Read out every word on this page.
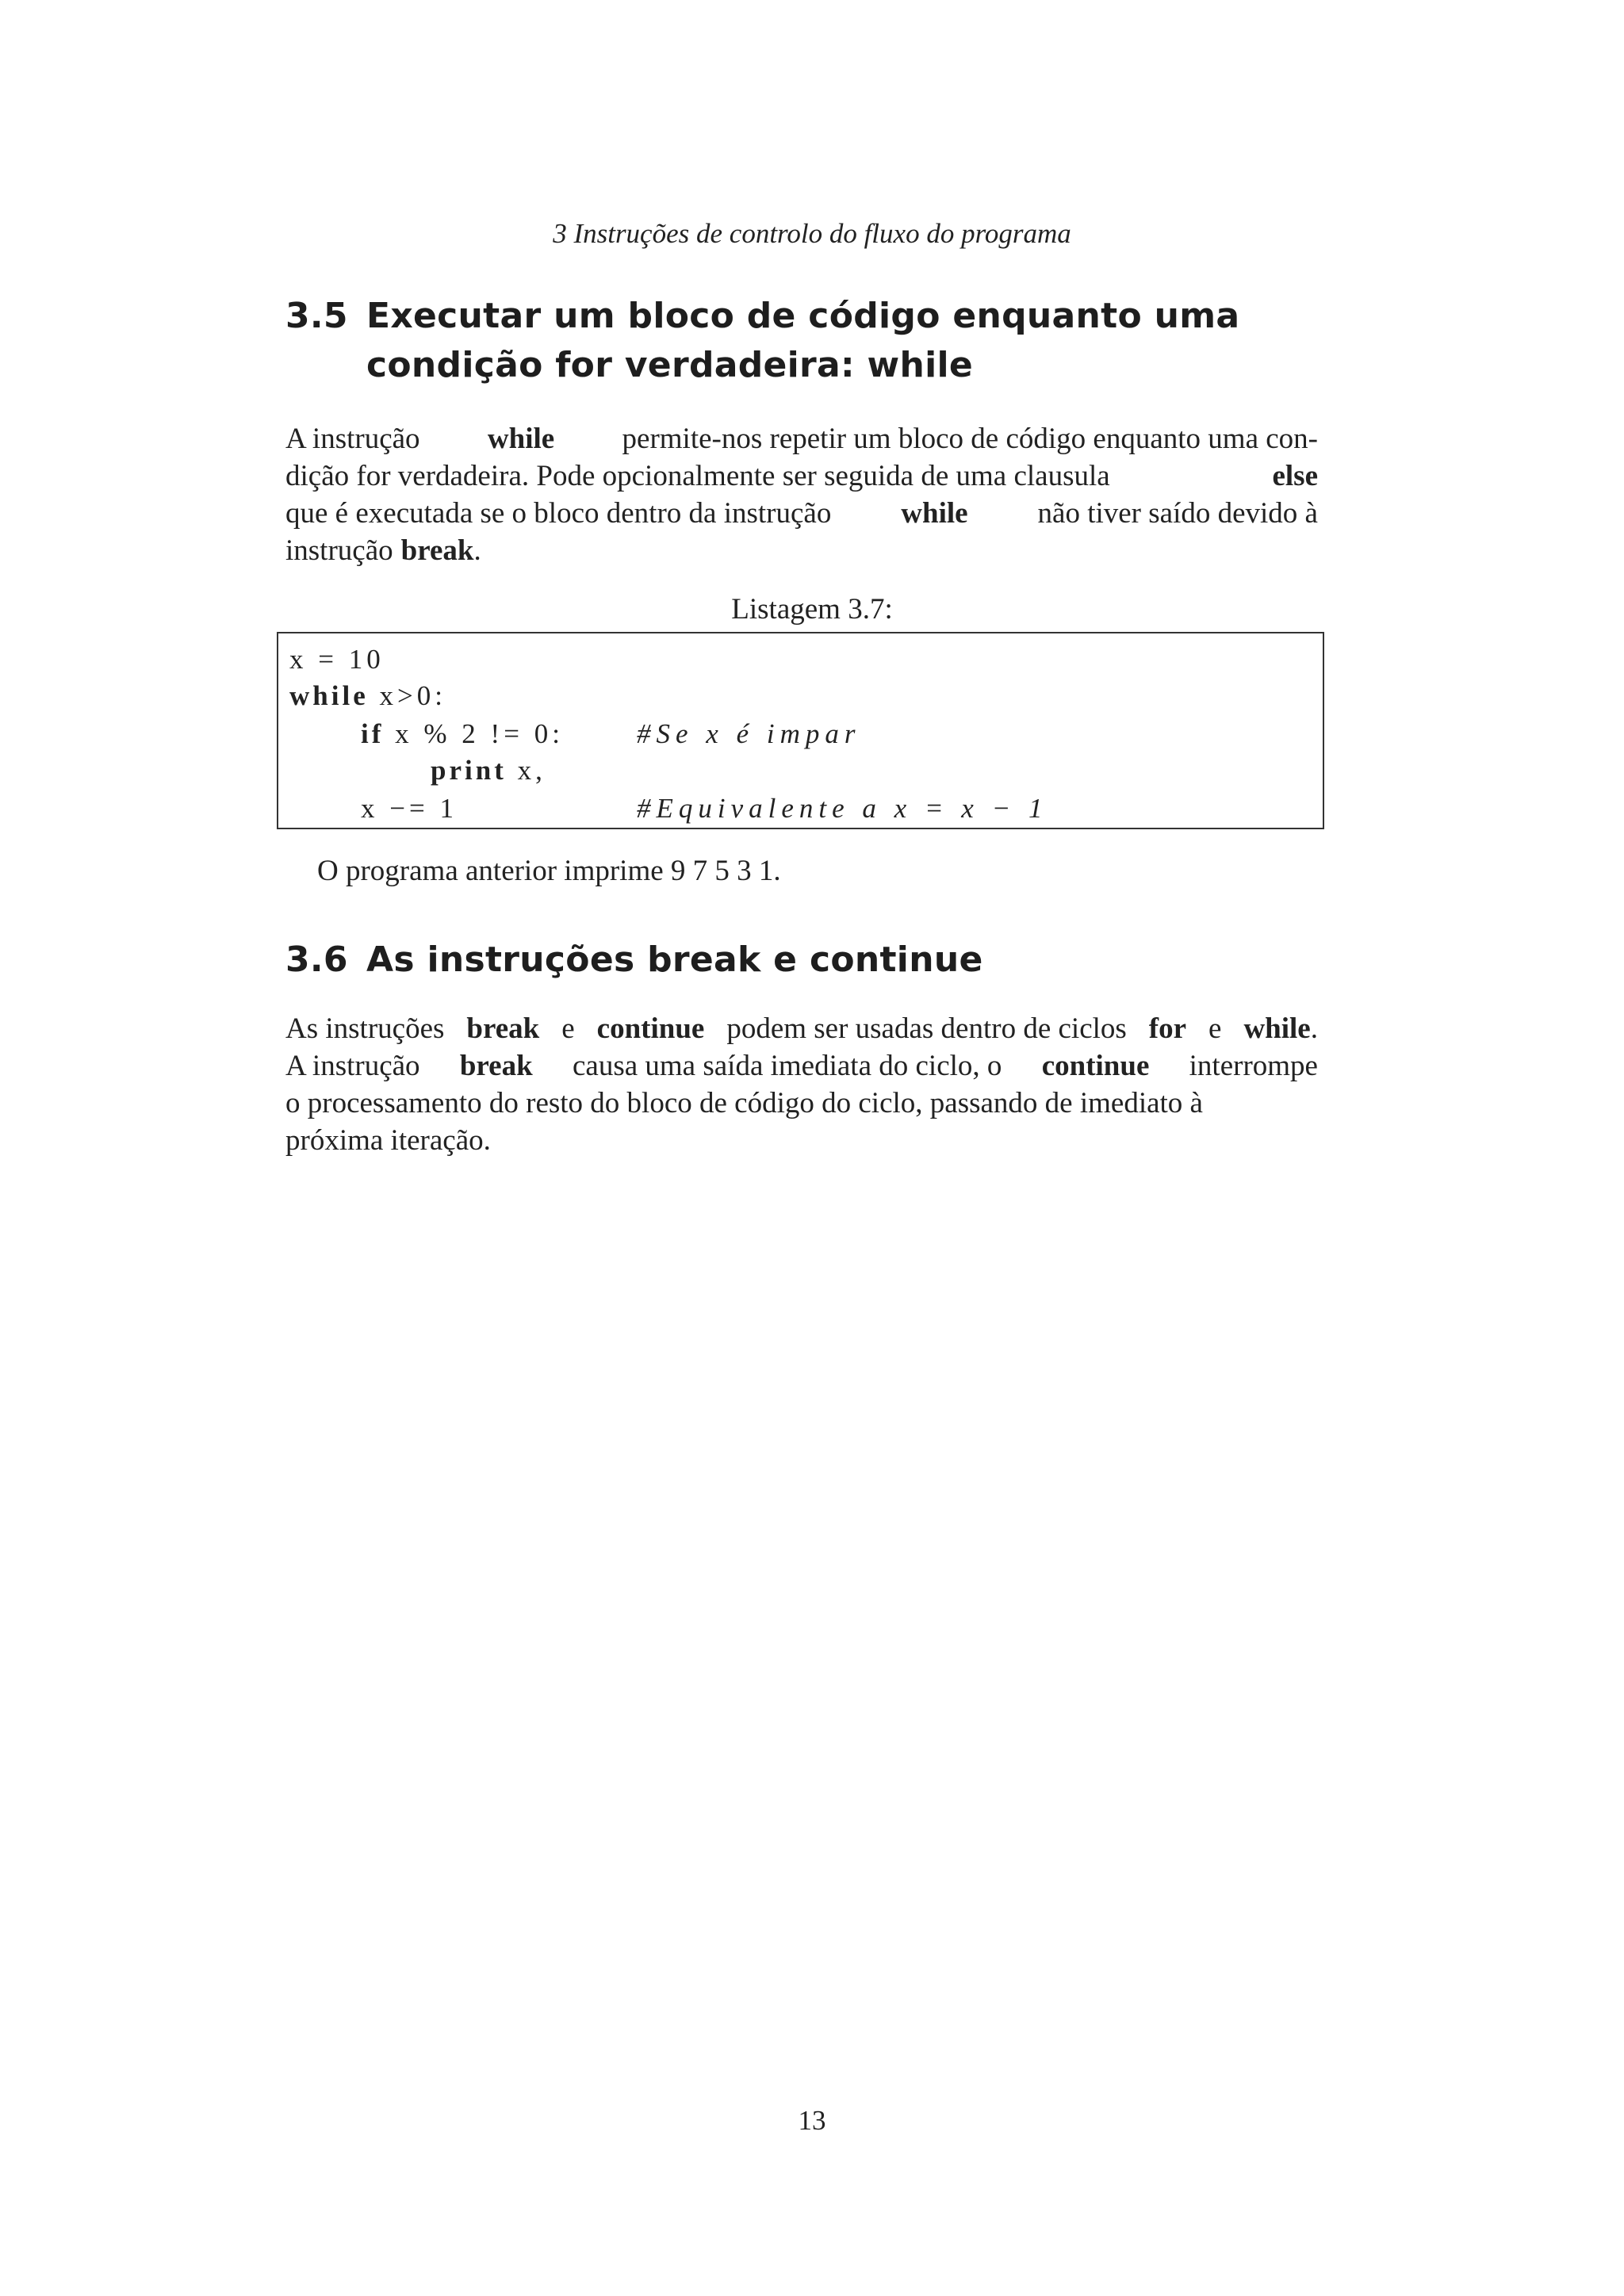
3 Instruções de controlo do fluxo do programa
3.5 Executar um bloco de código enquanto uma
condição for verdadeira: while
A instrução while permite-nos repetir um bloco de código enquanto uma con-
dição for verdadeira. Pode opcionalmente ser seguida de uma clausula	else
que é executada se o bloco dentro da instrução while não tiver saído devido à
instrução break.
Listagem 3.7:
x = 10
while x>0:
if x % 2 != 0:	#Se x é impar
print x,
x −= 1	#Equivalente a x = x − 1
O programa anterior imprime 9 7 5 3 1.
3.6 As instruções break e continue
As instruções break e continue podem ser usadas dentro de ciclos for e while.
A instrução break causa uma saída imediata do ciclo, o continue interrompe
o processamento do resto do bloco de código do ciclo, passando de imediato à
próxima iteração.
13
